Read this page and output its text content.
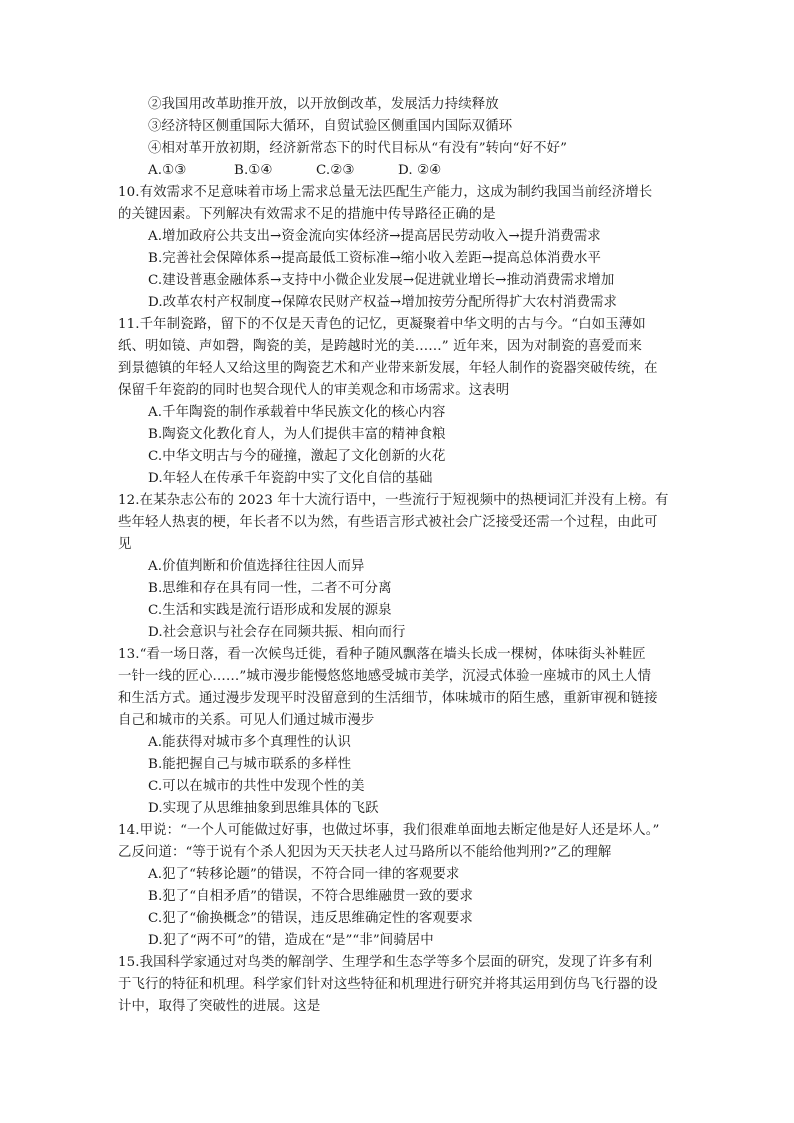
②我国用改革助推开放，以开放倒改革，发展活力持续释放
③经济特区侧重国际大循环，自贸试验区侧重国内国际双循环
④相对革开放初期，经济新常态下的时代目标从“有没有”转向“好不好”
A.①③	B.①④	C.②③	D. ②④
10.有效需求不足意味着市场上需求总量无法匹配生产能力，这成为制约我国当前经济增长
的关键因素。下列解决有效需求不足的措施中传导路径正确的是
A.增加政府公共支出→资金流向实体经济→提高居民劳动收入→提升消费需求
B.完善社会保障体系→提高最低工资标准→缩小收入差距→提高总体消费水平
C.建设普惠金融体系→支持中小微企业发展→促进就业增长→推动消费需求增加
D.改革农村产权制度→保障农民财产权益→增加按劳分配所得扩大农村消费需求
11.千年制瓷路，留下的不仅是天青色的记忆，更凝聚着中华文明的古与今。“白如玉薄如
纸、明如镜、声如磬，陶瓷的美，是跨越时光的美……” 近年来，因为对制瓷的喜爱而来
到景德镇的年轻人又给这里的陶瓷艺术和产业带来新发展，年轻人制作的瓷器突破传统，在
保留千年瓷韵的同时也契合现代人的审美观念和市场需求。这表明
A.千年陶瓷的制作承载着中华民族文化的核心内容
B.陶瓷文化教化育人，为人们提供丰富的精神食粮
C.中华文明古与今的碰撞，激起了文化创新的火花
D.年轻人在传承千年瓷韵中实了文化自信的基础
12.在某杂志公布的 2023 年十大流行语中，一些流行于短视频中的热梗词汇并没有上榜。有
些年轻人热衷的梗，年长者不以为然，有些语言形式被社会广泛接受还需一个过程，由此可
见
A.价值判断和价值选择往往因人而异
B.思维和存在具有同一性，二者不可分离
C.生活和实践是流行语形成和发展的源泉
D.社会意识与社会存在同频共振、相向而行
13.“看一场日落，看一次候鸟迁徙，看种子随风飘落在墙头长成一棵树，体味街头补鞋匠
一针一线的匠心……”城市漫步能慢悠悠地感受城市美学，沉浸式体验一座城市的风土人情
和生活方式。通过漫步发现平时没留意到的生活细节，体味城市的陌生感，重新审视和链接
自己和城市的关系。可见人们通过城市漫步
A.能获得对城市多个真理性的认识
B.能把握自己与城市联系的多样性
C.可以在城市的共性中发现个性的美
D.实现了从思维抽象到思维具体的飞跃
14.甲说：“一个人可能做过好事，也做过坏事，我们很难单面地去断定他是好人还是坏人。”
乙反问道：“等于说有个杀人犯因为天天扶老人过马路所以不能给他判刑?”乙的理解
A.犯了“转移论题”的错误，不符合同一律的客观要求
B.犯了“自相矛盾”的错误，不符合思维融贯一致的要求
C.犯了“偷换概念”的错误，违反思维确定性的客观要求
D.犯了“两不可”的错，造成在“是”“非”间骑居中
15.我国科学家通过对鸟类的解剖学、生理学和生态学等多个层面的研究，发现了许多有利
于飞行的特征和机理。科学家们针对这些特征和机理进行研究并将其运用到仿鸟飞行器的设
计中，取得了突破性的进展。这是
